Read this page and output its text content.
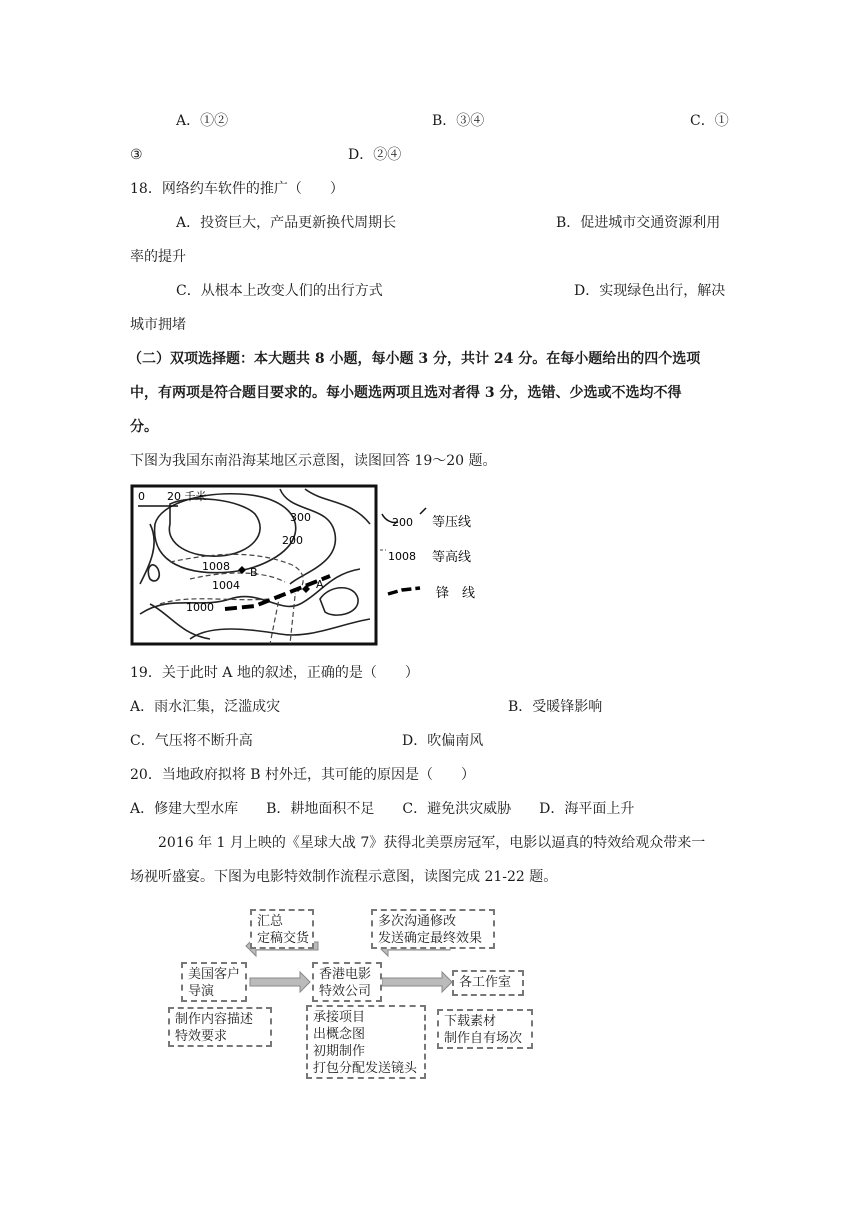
A．①②	B．③④	C．①
③	D．②④
18．网络约车软件的推广（　　）
A．投资巨大，产品更新换代周期长	B．促进城市交通资源利用
率的提升
C．从根本上改变人们的出行方式	D．实现绿色出行，解决
城市拥堵
（二）双项选择题：本大题共 8 小题，每小题 3 分，共计 24 分。在每小题给出的四个选项
中，有两项是符合题目要求的。每小题选两项且选对者得 3 分，选错、少选或不选均不得
分。
下图为我国东南沿海某地区示意图，读图回答 19～20 题。
0　　20 千米
300
200
1008
1004
1000
B
A
200 等压线
1008 等高线
锋　线
19．关于此时 A 地的叙述，正确的是（　　）
A．雨水汇集，泛滥成灾	B．受暖锋影响
C．气压将不断升高	D．吹偏南风
20．当地政府拟将 B 村外迁，其可能的原因是（　　）
A．修建大型水库　　B．耕地面积不足　　C．避免洪灾威胁　　D．海平面上升
2016 年 1 月上映的《星球大战 7》获得北美票房冠军，电影以逼真的特效给观众带来一
场视听盛宴。下图为电影特效制作流程示意图，读图完成 21-22 题。
汇总
定稿交货
多次沟通修改
发送确定最终效果
美国客户
导演
香港电影
特效公司
各工作室
制作内容描述
特效要求
承接项目
出概念图
初期制作
打包分配发送镜头
下载素材
制作自有场次
